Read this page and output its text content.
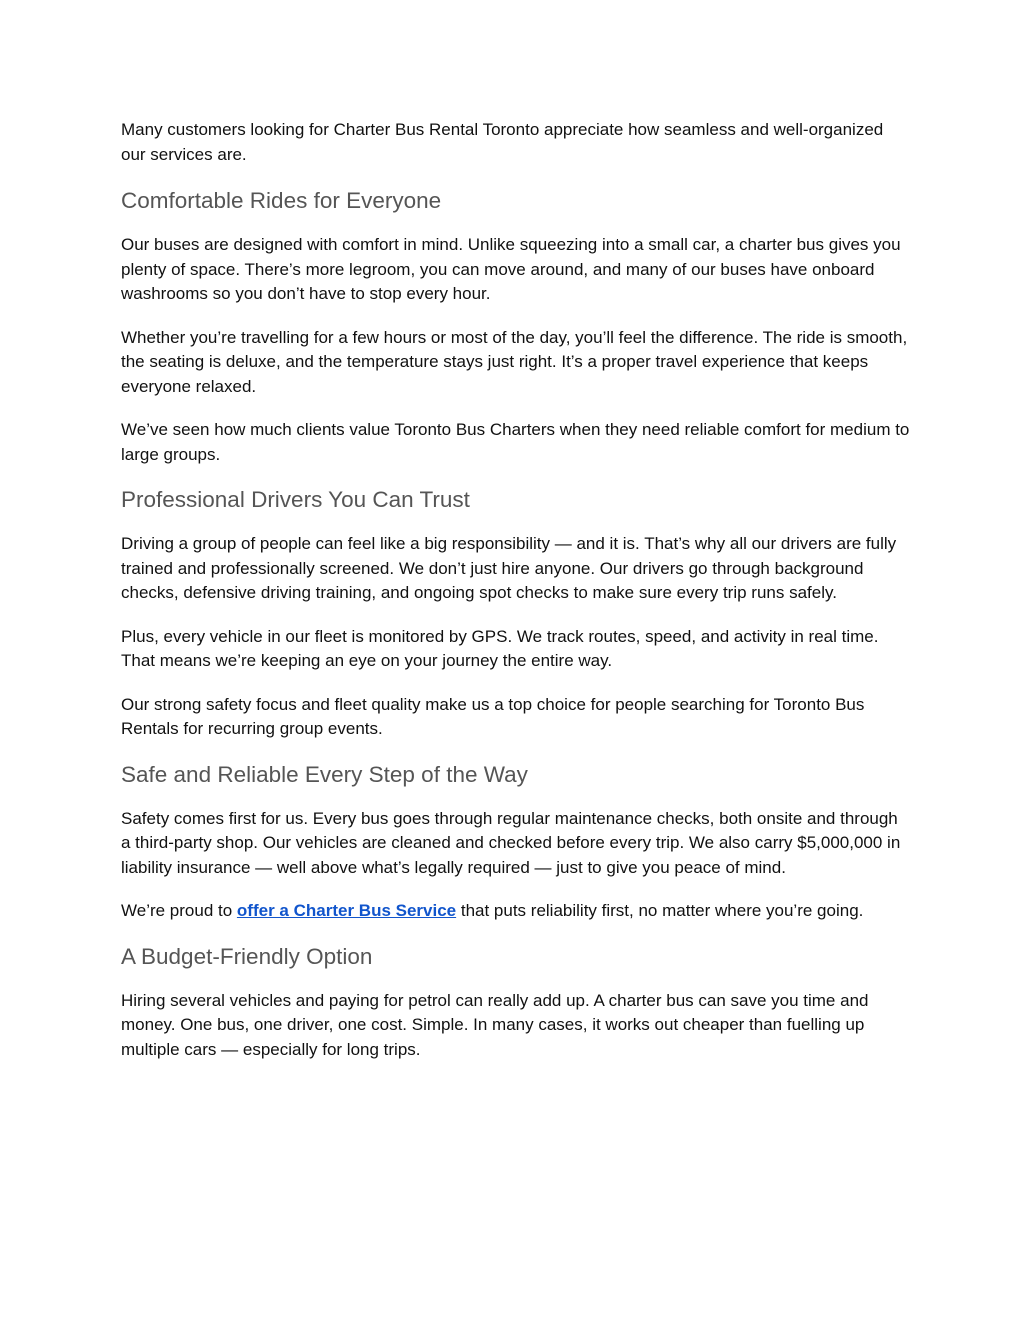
Many customers looking for Charter Bus Rental Toronto appreciate how seamless and well-organized our services are.

Comfortable Rides for Everyone

Our buses are designed with comfort in mind. Unlike squeezing into a small car, a charter bus gives you plenty of space. There’s more legroom, you can move around, and many of our buses have onboard washrooms so you don’t have to stop every hour.

Whether you’re travelling for a few hours or most of the day, you’ll feel the difference. The ride is smooth, the seating is deluxe, and the temperature stays just right. It’s a proper travel experience that keeps everyone relaxed.

We’ve seen how much clients value Toronto Bus Charters when they need reliable comfort for medium to large groups.

Professional Drivers You Can Trust

Driving a group of people can feel like a big responsibility — and it is. That’s why all our drivers are fully trained and professionally screened. We don’t just hire anyone. Our drivers go through background checks, defensive driving training, and ongoing spot checks to make sure every trip runs safely.

Plus, every vehicle in our fleet is monitored by GPS. We track routes, speed, and activity in real time. That means we’re keeping an eye on your journey the entire way.

Our strong safety focus and fleet quality make us a top choice for people searching for Toronto Bus Rentals for recurring group events.

Safe and Reliable Every Step of the Way

Safety comes first for us. Every bus goes through regular maintenance checks, both onsite and through a third-party shop. Our vehicles are cleaned and checked before every trip. We also carry $5,000,000 in liability insurance — well above what’s legally required — just to give you peace of mind.

We’re proud to offer a Charter Bus Service that puts reliability first, no matter where you’re going.

A Budget-Friendly Option

Hiring several vehicles and paying for petrol can really add up. A charter bus can save you time and money. One bus, one driver, one cost. Simple. In many cases, it works out cheaper than fuelling up multiple cars — especially for long trips.
